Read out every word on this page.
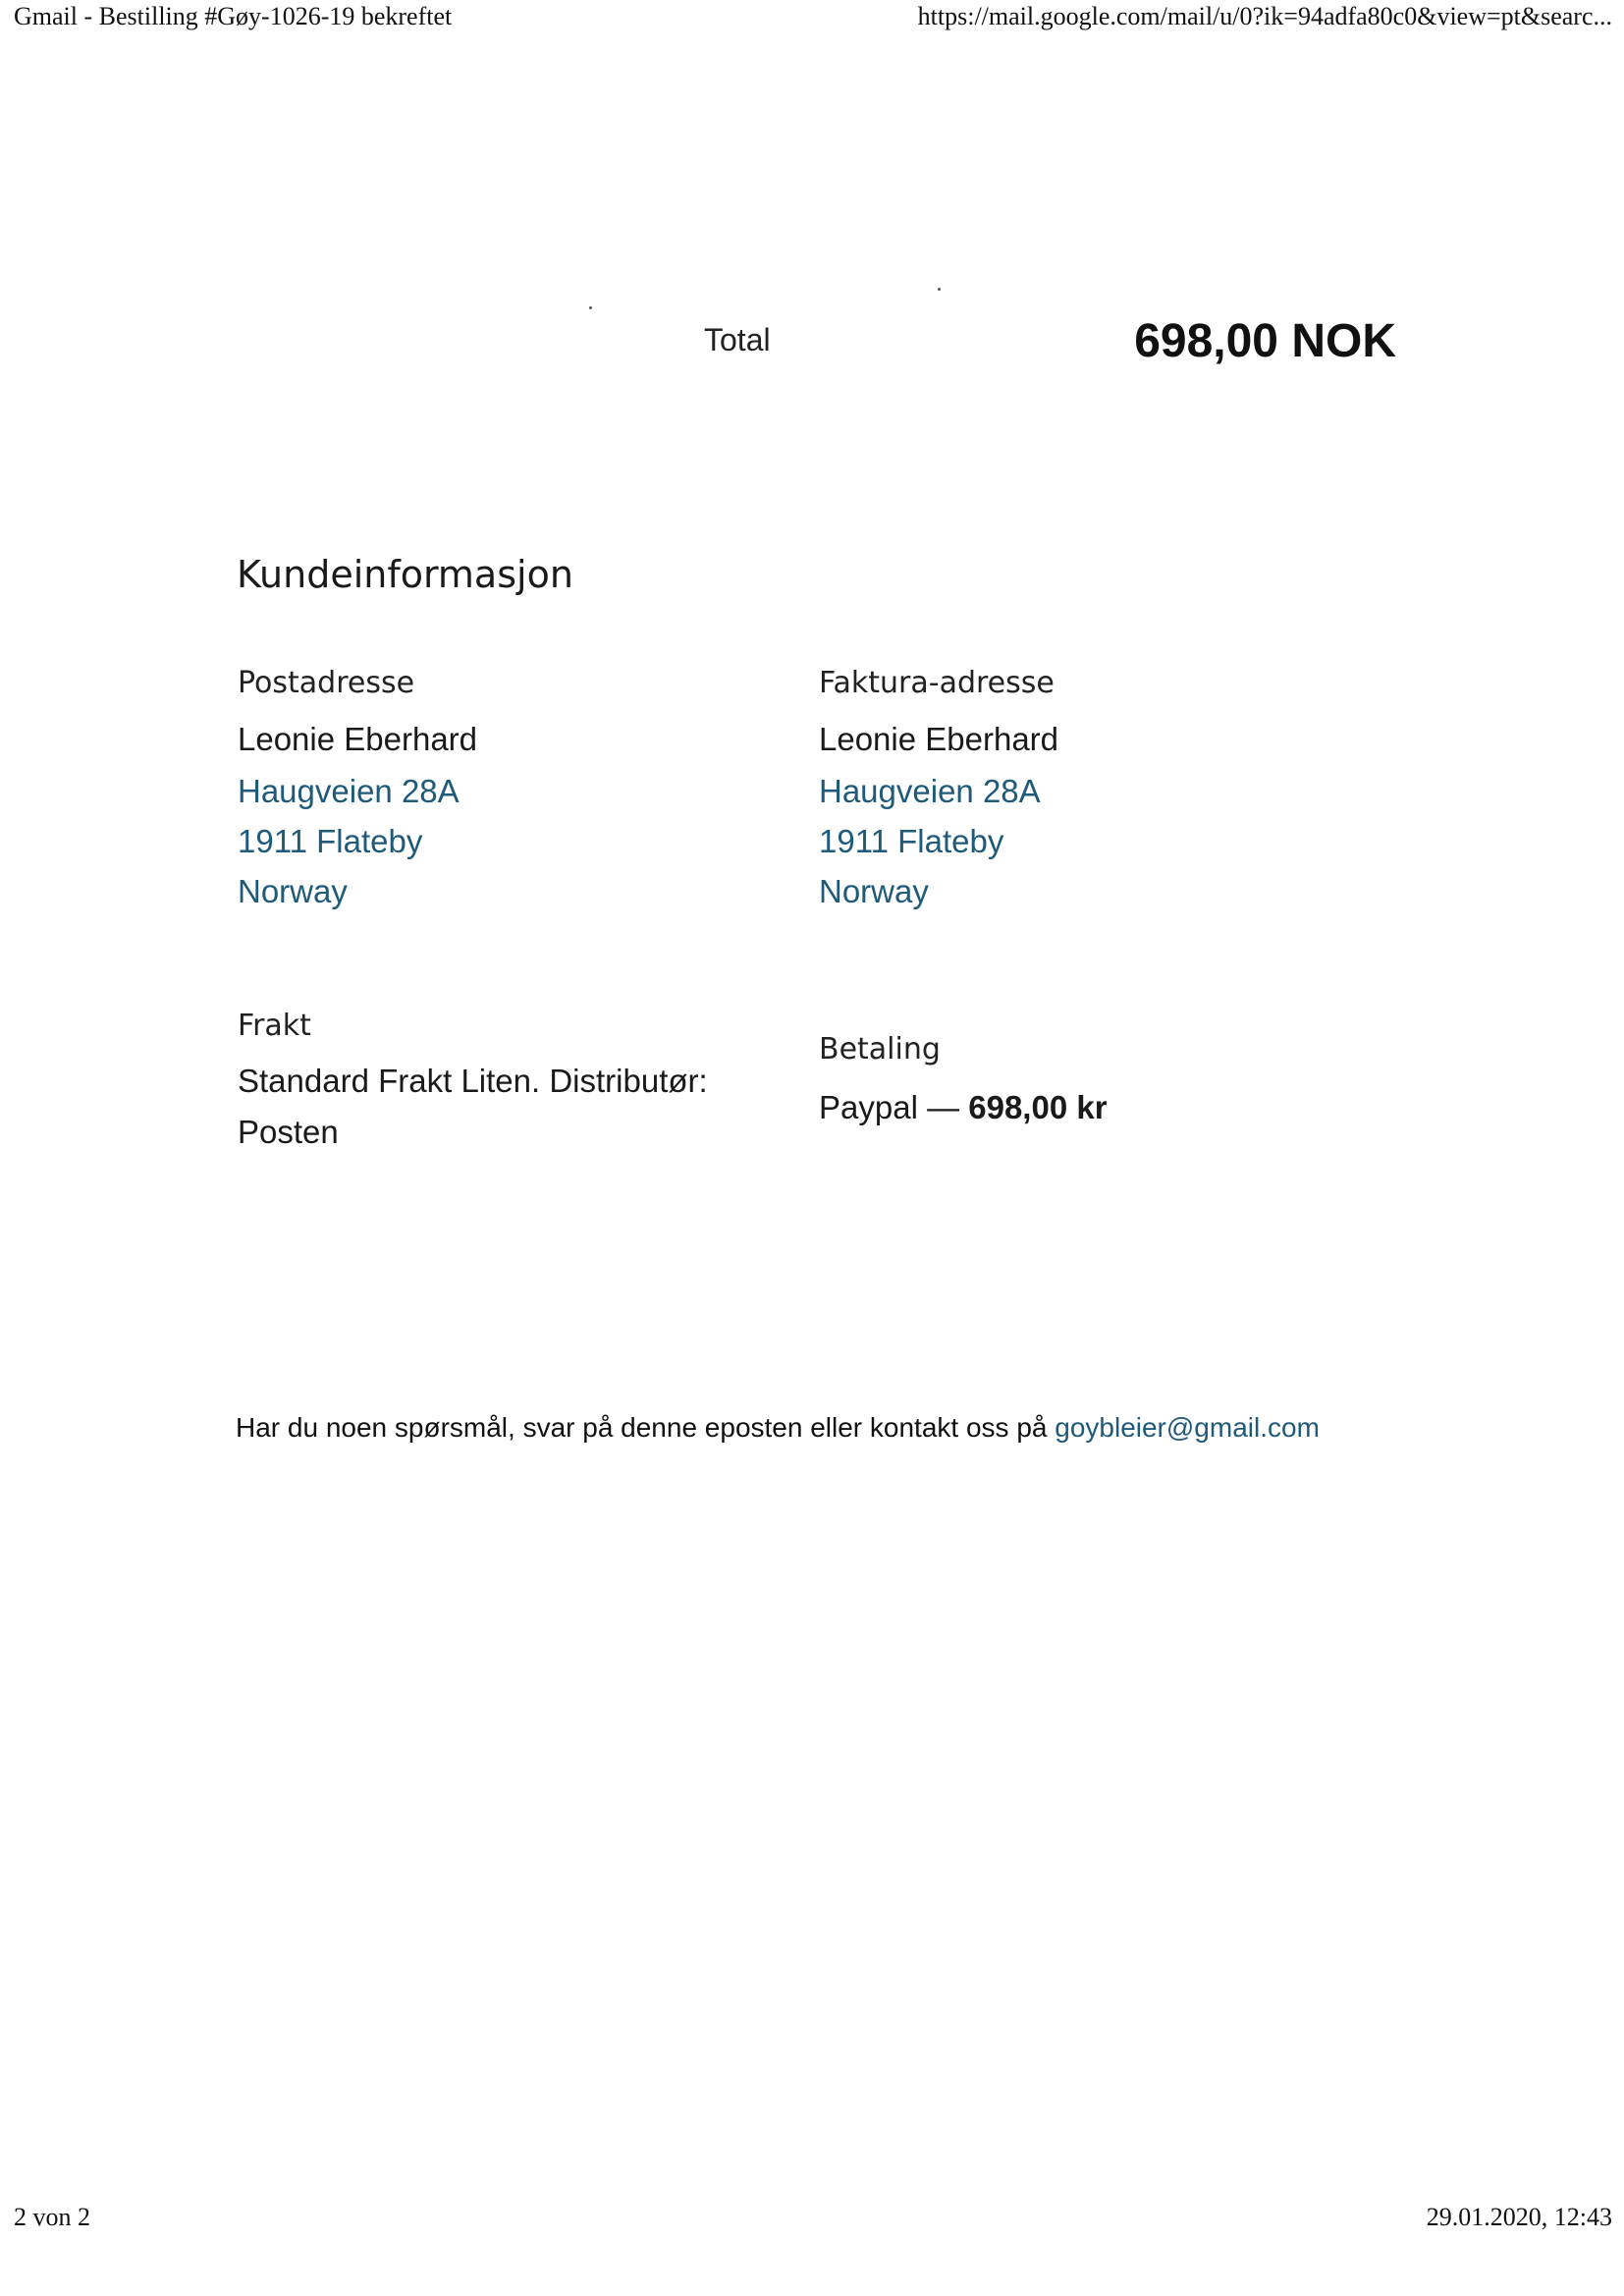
Gmail - Bestilling #Gøy-1026-19 bekreftet	https://mail.google.com/mail/u/0?ik=94adfa80c0&view=pt&searc...
Total	698,00 NOK
Kundeinformasjon
Postadresse
Leonie Eberhard
Haugveien 28A
1911 Flateby
Norway
Faktura-adresse
Leonie Eberhard
Haugveien 28A
1911 Flateby
Norway
Frakt
Standard Frakt Liten. Distributør:
Posten
Betaling
Paypal — 698,00 kr
Har du noen spørsmål, svar på denne eposten eller kontakt oss på goybleier@gmail.com
2 von 2	29.01.2020, 12:43
